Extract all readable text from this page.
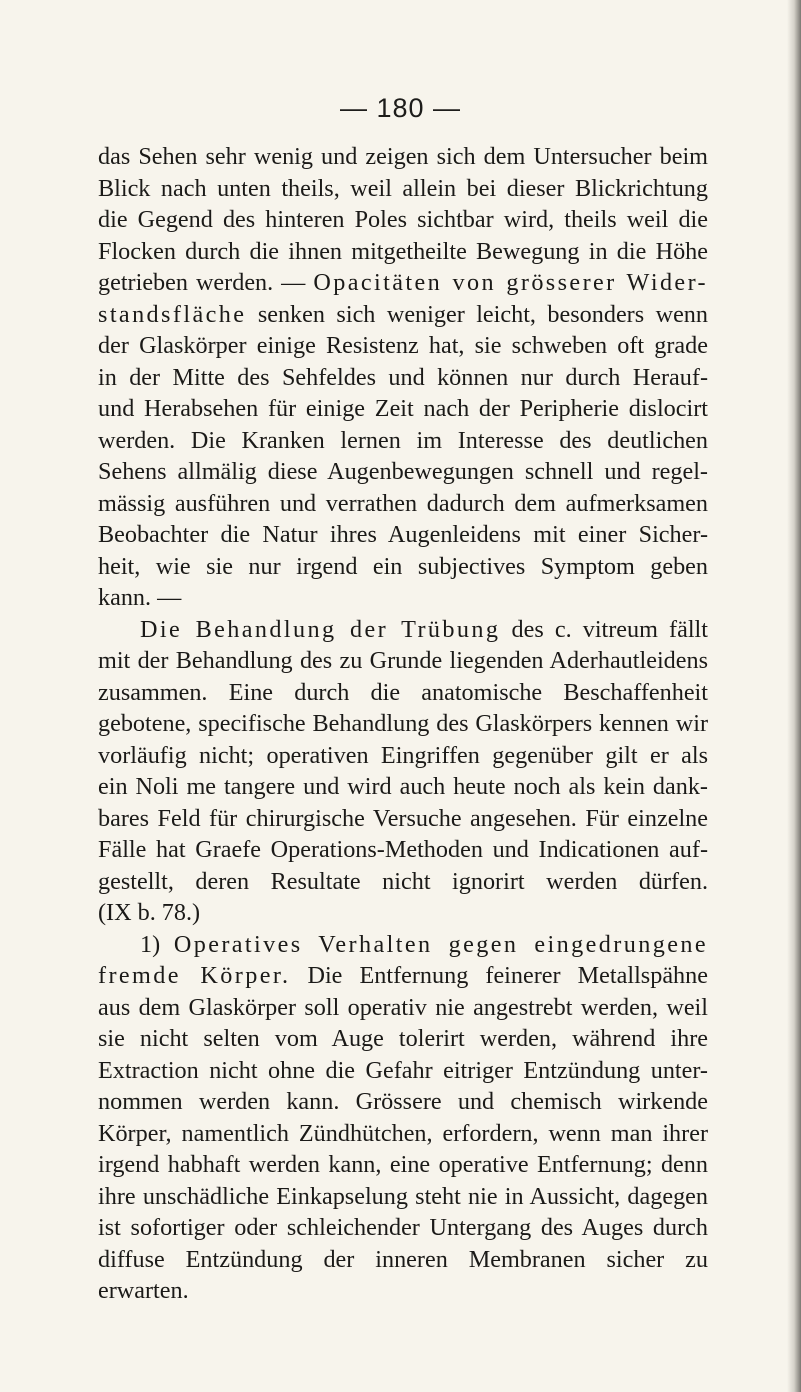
— 180 —

das Sehen sehr wenig und zeigen sich dem Untersucher beim

Blick nach unten theils, weil allein bei dieser Blickrichtung

die Gegend des hinteren Poles sichtbar wird, theils weil die

Flocken durch die ihnen mitgetheilte Bewegung in die Höhe

getrieben werden. — Opacitäten von grösserer Wider-

standsfläche senken sich weniger leicht, besonders wenn

der Glaskörper einige Resistenz hat, sie schweben oft grade

in der Mitte des Sehfeldes und können nur durch Herauf-

und Herabsehen für einige Zeit nach der Peripherie dislocirt

werden. Die Kranken lernen im Interesse des deutlichen

Sehens allmälig diese Augenbewegungen schnell und regel-

mässig ausführen und verrathen dadurch dem aufmerksamen

Beobachter die Natur ihres Augenleidens mit einer Sicher-

heit, wie sie nur irgend ein subjectives Symptom geben

kann. —

Die Behandlung der Trübung des c. vitreum fällt

mit der Behandlung des zu Grunde liegenden Aderhautleidens

zusammen. Eine durch die anatomische Beschaffenheit

gebotene, specifische Behandlung des Glaskörpers kennen wir

vorläufig nicht; operativen Eingriffen gegenüber gilt er als

ein Noli me tangere und wird auch heute noch als kein dank-

bares Feld für chirurgische Versuche angesehen. Für einzelne

Fälle hat Graefe Operations-Methoden und Indicationen auf-

gestellt, deren Resultate nicht ignorirt werden dürfen.

(IX b. 78.)

1) Operatives Verhalten gegen eingedrungene

fremde Körper. Die Entfernung feinerer Metallspähne

aus dem Glaskörper soll operativ nie angestrebt werden, weil

sie nicht selten vom Auge tolerirt werden, während ihre

Extraction nicht ohne die Gefahr eitriger Entzündung unter-

nommen werden kann. Grössere und chemisch wirkende

Körper, namentlich Zündhütchen, erfordern, wenn man ihrer

irgend habhaft werden kann, eine operative Entfernung; denn

ihre unschädliche Einkapselung steht nie in Aussicht, dagegen

ist sofortiger oder schleichender Untergang des Auges durch

diffuse Entzündung der inneren Membranen sicher zu erwarten.
